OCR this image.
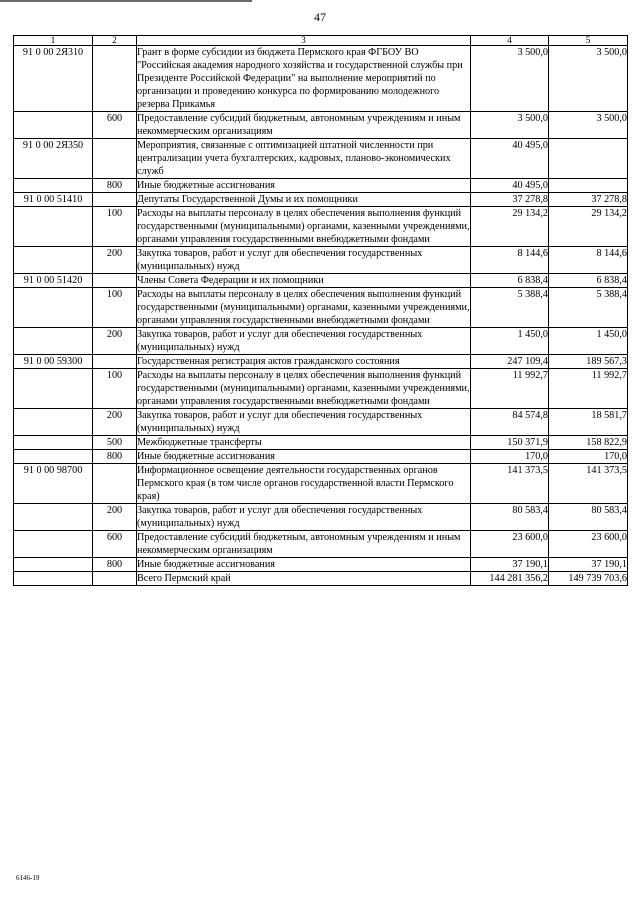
47
1	2	3	4	5
91 0 00 2Я310		Грант в форме субсидии из бюджета Пермского края ФГБОУ ВО "Российская академия народного хозяйства и государственной службы при Президенте Российской Федерации" на выполнение мероприятий по организации и проведению конкурса по формированию молодежного резерва Прикамья	3 500,0	3 500,0
	600	Предоставление субсидий бюджетным, автономным учреждениям и иным некоммерческим организациям	3 500,0	3 500,0
91 0 00 2Я350		Мероприятия, связанные с оптимизацией штатной численности при централизации учета бухгалтерских, кадровых, планово-экономических служб	40 495,0	
	800	Иные бюджетные ассигнования	40 495,0	
91 0 00 51410		Депутаты Государственной Думы и их помощники	37 278,8	37 278,8
	100	Расходы на выплаты персоналу в целях обеспечения выполнения функций государственными (муниципальными) органами, казенными учреждениями, органами управления государственными внебюджетными фондами	29 134,2	29 134,2
	200	Закупка товаров, работ и услуг для обеспечения государственных (муниципальных) нужд	8 144,6	8 144,6
91 0 00 51420		Члены Совета Федерации и их помощники	6 838,4	6 838,4
	100	Расходы на выплаты персоналу в целях обеспечения выполнения функций государственными (муниципальными) органами, казенными учреждениями, органами управления государственными внебюджетными фондами	5 388,4	5 388,4
	200	Закупка товаров, работ и услуг для обеспечения государственных (муниципальных) нужд	1 450,0	1 450,0
91 0 00 59300		Государственная регистрация актов гражданского состояния	247 109,4	189 567,3
	100	Расходы на выплаты персоналу в целях обеспечения выполнения функций государственными (муниципальными) органами, казенными учреждениями, органами управления государственными внебюджетными фондами	11 992,7	11 992,7
	200	Закупка товаров, работ и услуг для обеспечения государственных (муниципальных) нужд	84 574,8	18 581,7
	500	Межбюджетные трансферты	150 371,9	158 822,9
	800	Иные бюджетные ассигнования	170,0	170,0
91 0 00 98700		Информационное освещение деятельности государственных органов Пермского края (в том числе органов государственной власти Пермского края)	141 373,5	141 373,5
	200	Закупка товаров, работ и услуг для обеспечения государственных (муниципальных) нужд	80 583,4	80 583,4
	600	Предоставление субсидий бюджетным, автономным учреждениям и иным некоммерческим организациям	23 600,0	23 600,0
	800	Иные бюджетные ассигнования	37 190,1	37 190,1
		Всего Пермский край	144 281 356,2	149 739 703,6
6146-19
